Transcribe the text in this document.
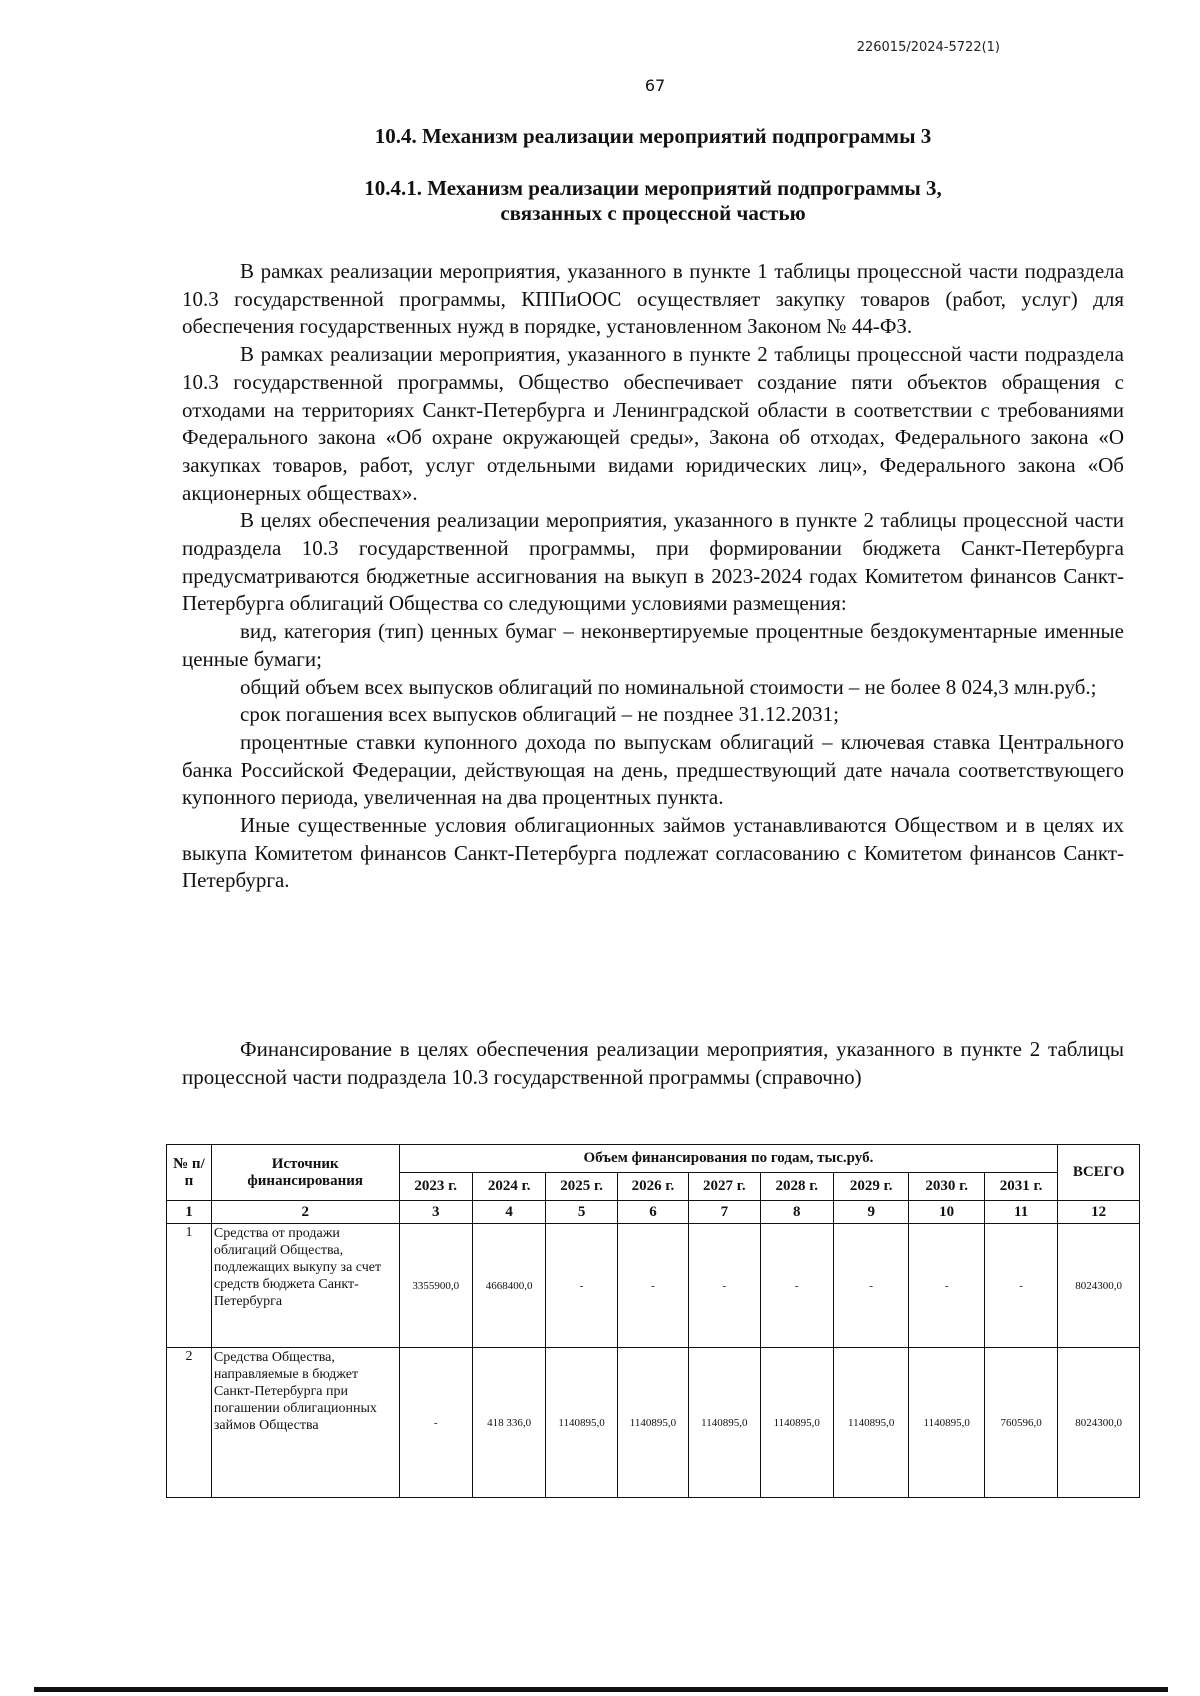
226015/2024-5722(1)
67
10.4. Механизм реализации мероприятий подпрограммы 3
10.4.1. Механизм реализации мероприятий подпрограммы 3,
связанных с процессной частью

В рамках реализации мероприятия, указанного в пункте 1 таблицы процессной части подраздела 10.3 государственной программы, КППиООС осуществляет закупку товаров (работ, услуг) для обеспечения государственных нужд в порядке, установленном Законом № 44-ФЗ.

В рамках реализации мероприятия, указанного в пункте 2 таблицы процессной части подраздела 10.3 государственной программы, Общество обеспечивает создание пяти объектов обращения с отходами на территориях Санкт-Петербурга и Ленинградской области в соответствии с требованиями Федерального закона «Об охране окружающей среды», Закона об отходах, Федерального закона «О закупках товаров, работ, услуг отдельными видами юридических лиц», Федерального закона «Об акционерных обществах».

В целях обеспечения реализации мероприятия, указанного в пункте 2 таблицы процессной части подраздела 10.3 государственной программы, при формировании бюджета Санкт-Петербурга предусматриваются бюджетные ассигнования на выкуп в 2023-2024 годах Комитетом финансов Санкт-Петербурга облигаций Общества со следующими условиями размещения:

вид, категория (тип) ценных бумаг – неконвертируемые процентные бездокументарные именные ценные бумаги;

общий объем всех выпусков облигаций по номинальной стоимости – не более 8 024,3 млн.руб.;

срок погашения всех выпусков облигаций – не позднее 31.12.2031;

процентные ставки купонного дохода по выпускам облигаций – ключевая ставка Центрального банка Российской Федерации, действующая на день, предшествующий дате начала соответствующего купонного периода, увеличенная на два процентных пункта.

Иные существенные условия облигационных займов устанавливаются Обществом и в целях их выкупа Комитетом финансов Санкт-Петербурга подлежат согласованию с Комитетом финансов Санкт-Петербурга.

Финансирование в целях обеспечения реализации мероприятия, указанного в пункте 2 таблицы процессной части подраздела 10.3 государственной программы (справочно)
№ п/п	Источник финансирования	Объем финансирования по годам, тыс.руб.									ВСЕГО
		2023 г.	2024 г.	2025 г.	2026 г.	2027 г.	2028 г.	2029 г.	2030 г.	2031 г.	
1	2	3	4	5	6	7	8	9	10	11	12
1	Средства от продажи облигаций Общества, подлежащих выкупу за счет средств бюджета Санкт-Петербурга	3355900,0	4668400,0	-	-	-	-	-	-	-	8024300,0
2	Средства Общества, направляемые в бюджет Санкт-Петербурга при погашении облигационных займов Общества	-	418 336,0	1140895,0	1140895,0	1140895,0	1140895,0	1140895,0	1140895,0	760596,0	8024300,0
